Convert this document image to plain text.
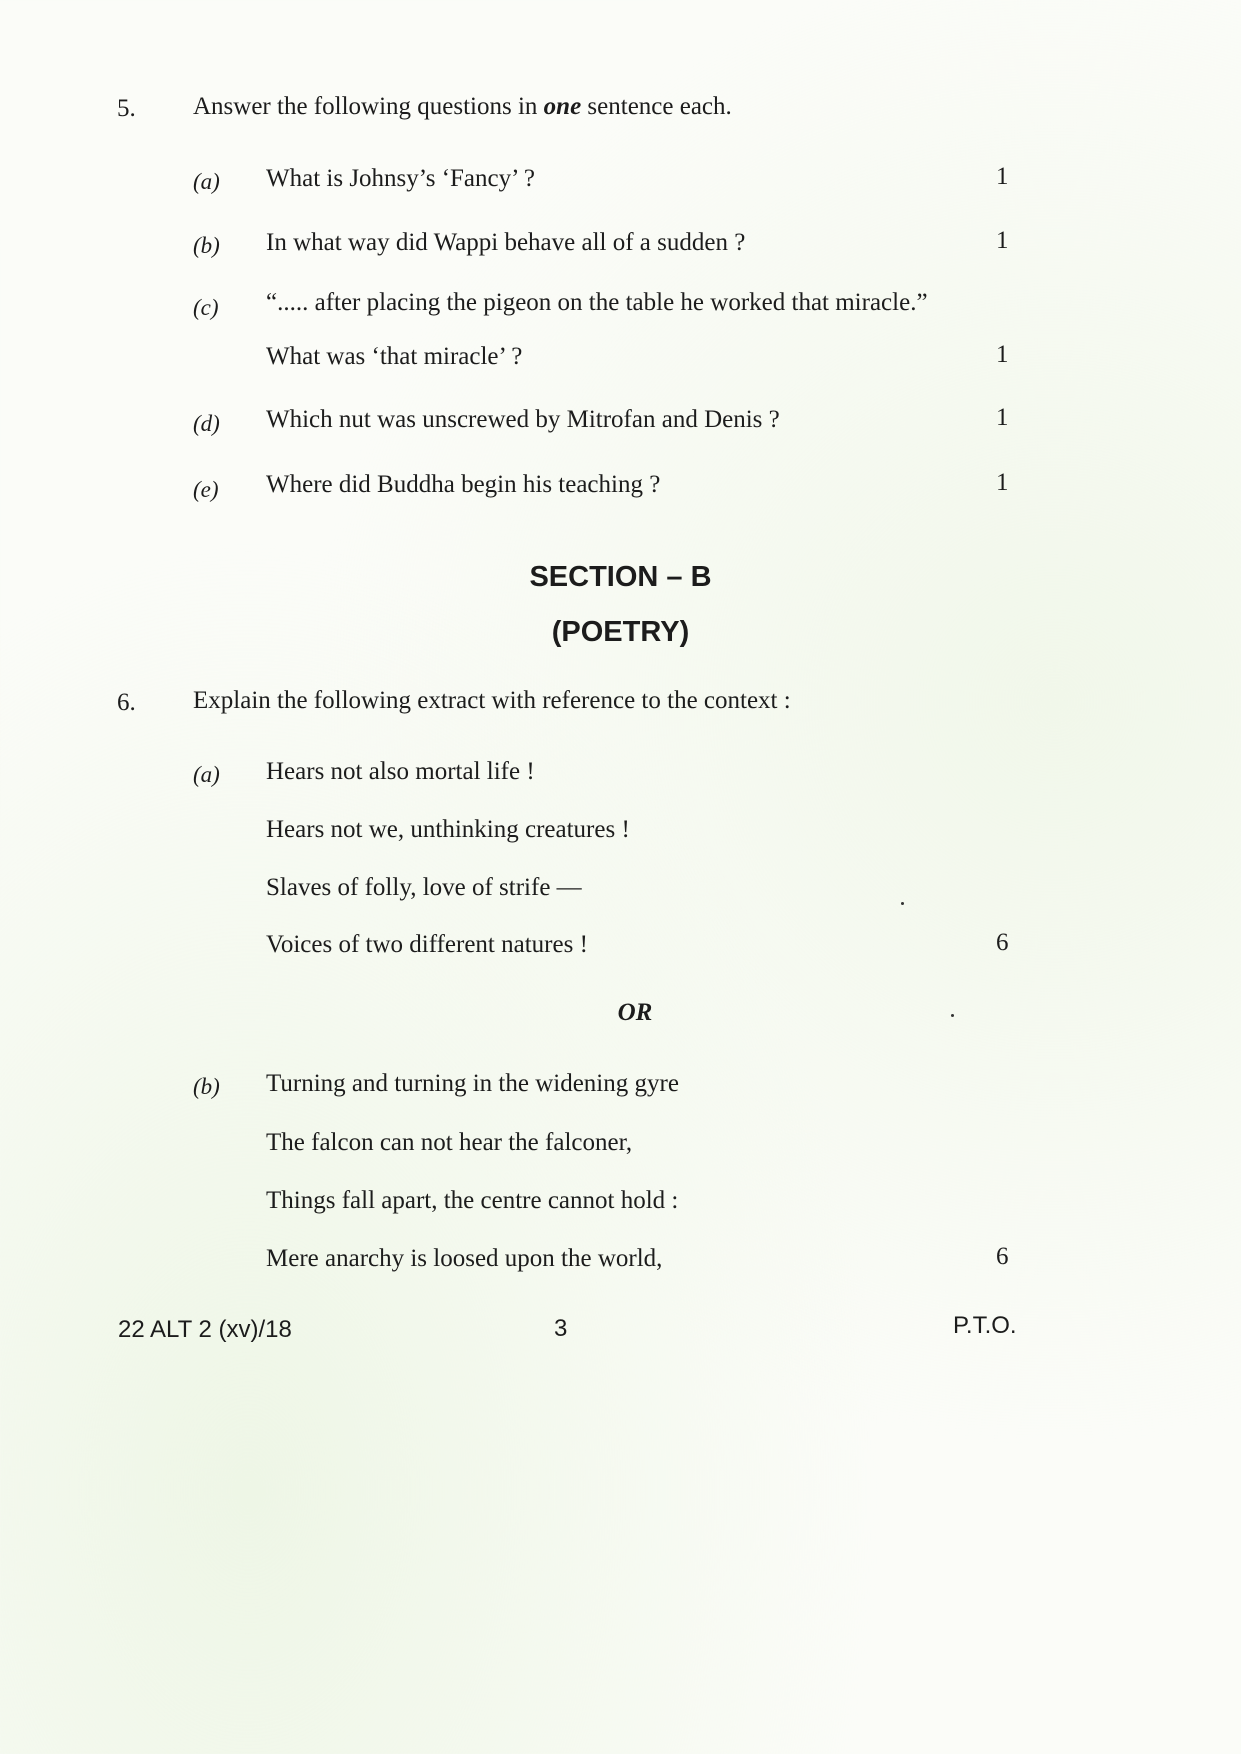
5. Answer the following questions in one sentence each.
(a) What is Johnsy’s ‘Fancy’ ?	1
(b) In what way did Wappi behave all of a sudden ?	1
(c) “..... after placing the pigeon on the table he worked that miracle.”
What was ‘that miracle’ ?	1
(d) Which nut was unscrewed by Mitrofan and Denis ?	1
(e) Where did Buddha begin his teaching ?	1
SECTION – B
(POETRY)
6. Explain the following extract with reference to the context :
(a) Hears not also mortal life !
Hears not we, unthinking creatures !
Slaves of folly, love of strife —
Voices of two different natures !	6
OR
(b) Turning and turning in the widening gyre
The falcon can not hear the falconer,
Things fall apart, the centre cannot hold :
Mere anarchy is loosed upon the world,	6
22 ALT 2 (xv)/18	3	P.T.O.
